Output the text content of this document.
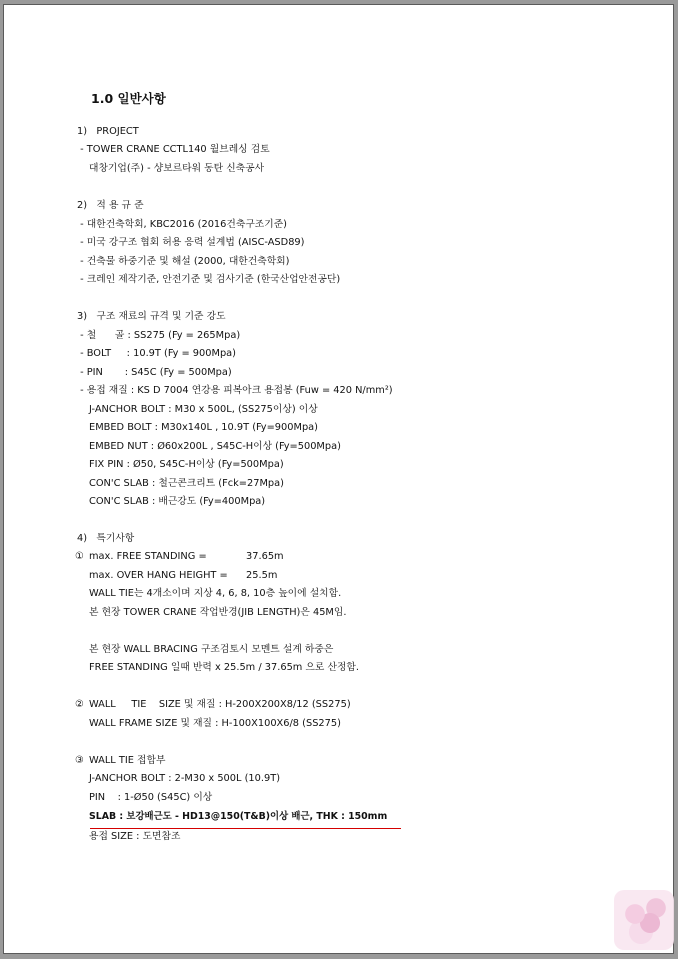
1.0 일반사항
1)   PROJECT
- TOWER CRANE CCTL140 월브레싱 검토
대창기업(주) - 샹보르타워 동탄 신축공사
2)   적 용 규 준
- 대한건축학회, KBC2016 (2016건축구조기준)
- 미국 강구조 협회 허용 응력 설계법 (AISC-ASD89)
- 건축물 하중기준 및 해설 (2000, 대한건축학회)
- 크레인 제작기준, 안전기준 및 검사기준 (한국산업안전공단)
3)   구조 재료의 규격 및 기준 강도
- 철      골 : SS275 (Fy = 265Mpa)
- BOLT     : 10.9T (Fy = 900Mpa)
- PIN       : S45C (Fy = 500Mpa)
- 용접 재질 : KS D 7004 연강용 피복아크 용접봉 (Fuw = 420 N/mm²)
J-ANCHOR BOLT : M30 x 500L, (SS275이상) 이상
EMBED BOLT : M30x140L , 10.9T (Fy=900Mpa)
EMBED NUT : Ø60x200L , S45C-H이상 (Fy=500Mpa)
FIX PIN : Ø50, S45C-H이상 (Fy=500Mpa)
CON'C SLAB : 철근콘크리트 (Fck=27Mpa)
CON'C SLAB : 배근강도 (Fy=400Mpa)
4)   특기사항
① max. FREE STANDING =	37.65m
max. OVER HANG HEIGHT = 25.5m
WALL TIE는 4개소이며 지상 4, 6, 8, 10층 높이에 설치함.
본 현장 TOWER CRANE 작업반경(JIB LENGTH)은 45M임.
본 현장 WALL BRACING 구조검토시 모멘트 설계 하중은
FREE STANDING 일때 반력 x 25.5m / 37.65m 으로 산정함.
② WALL     TIE    SIZE 및 재질 : H-200X200X8/12 (SS275)
WALL FRAME SIZE 및 재질 : H-100X100X6/8 (SS275)
③ WALL TIE 접합부
J-ANCHOR BOLT : 2-M30 x 500L (10.9T)
PIN    : 1-Ø50 (S45C) 이상
SLAB : 보강배근도 - HD13@150(T&B)이상 배근, THK : 150mm
용접 SIZE : 도면참조
